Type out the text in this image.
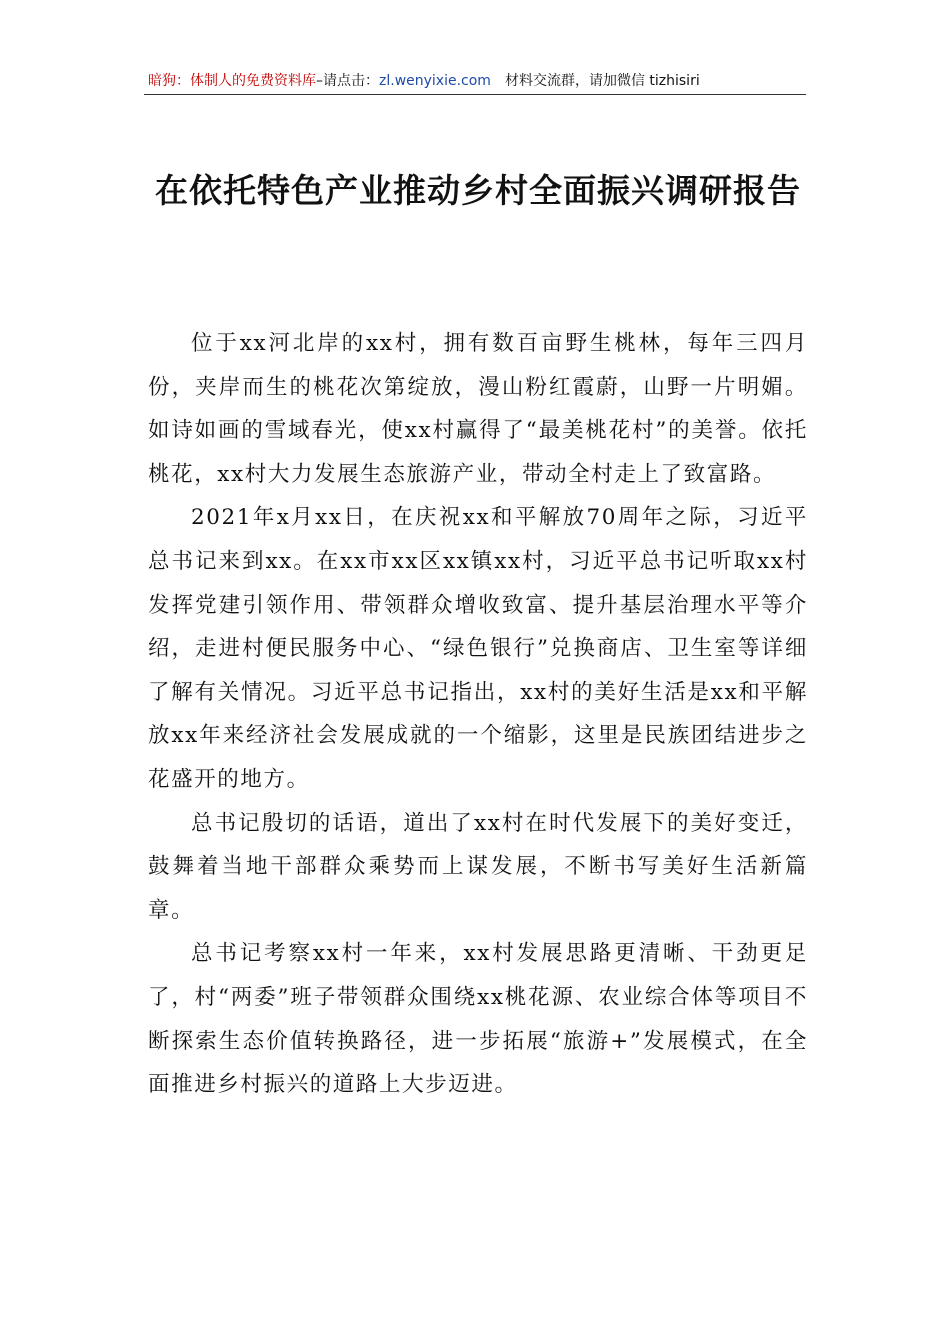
暗狗：体制人的免费资料库–请点击：zl.wenyixie.com 材料交流群，请加微信 tizhisiri
在依托特色产业推动乡村全面振兴调研报告

位于xx河北岸的xx村，拥有数百亩野生桃林，每年三四月份，夹岸而生的桃花次第绽放，漫山粉红霞蔚，山野一片明媚。如诗如画的雪域春光，使xx村赢得了“最美桃花村”的美誉。依托桃花，xx村大力发展生态旅游产业，带动全村走上了致富路。

2021年x月xx日，在庆祝xx和平解放70周年之际，习近平总书记来到xx。在xx市xx区xx镇xx村，习近平总书记听取xx村发挥党建引领作用、带领群众增收致富、提升基层治理水平等介绍，走进村便民服务中心、“绿色银行”兑换商店、卫生室等详细了解有关情况。习近平总书记指出，xx村的美好生活是xx和平解放xx年来经济社会发展成就的一个缩影，这里是民族团结进步之花盛开的地方。

总书记殷切的话语，道出了xx村在时代发展下的美好变迁，鼓舞着当地干部群众乘势而上谋发展，不断书写美好生活新篇章。

总书记考察xx村一年来，xx村发展思路更清晰、干劲更足了，村“两委”班子带领群众围绕xx桃花源、农业综合体等项目不断探索生态价值转换路径，进一步拓展“旅游+”发展模式，在全面推进乡村振兴的道路上大步迈进。
